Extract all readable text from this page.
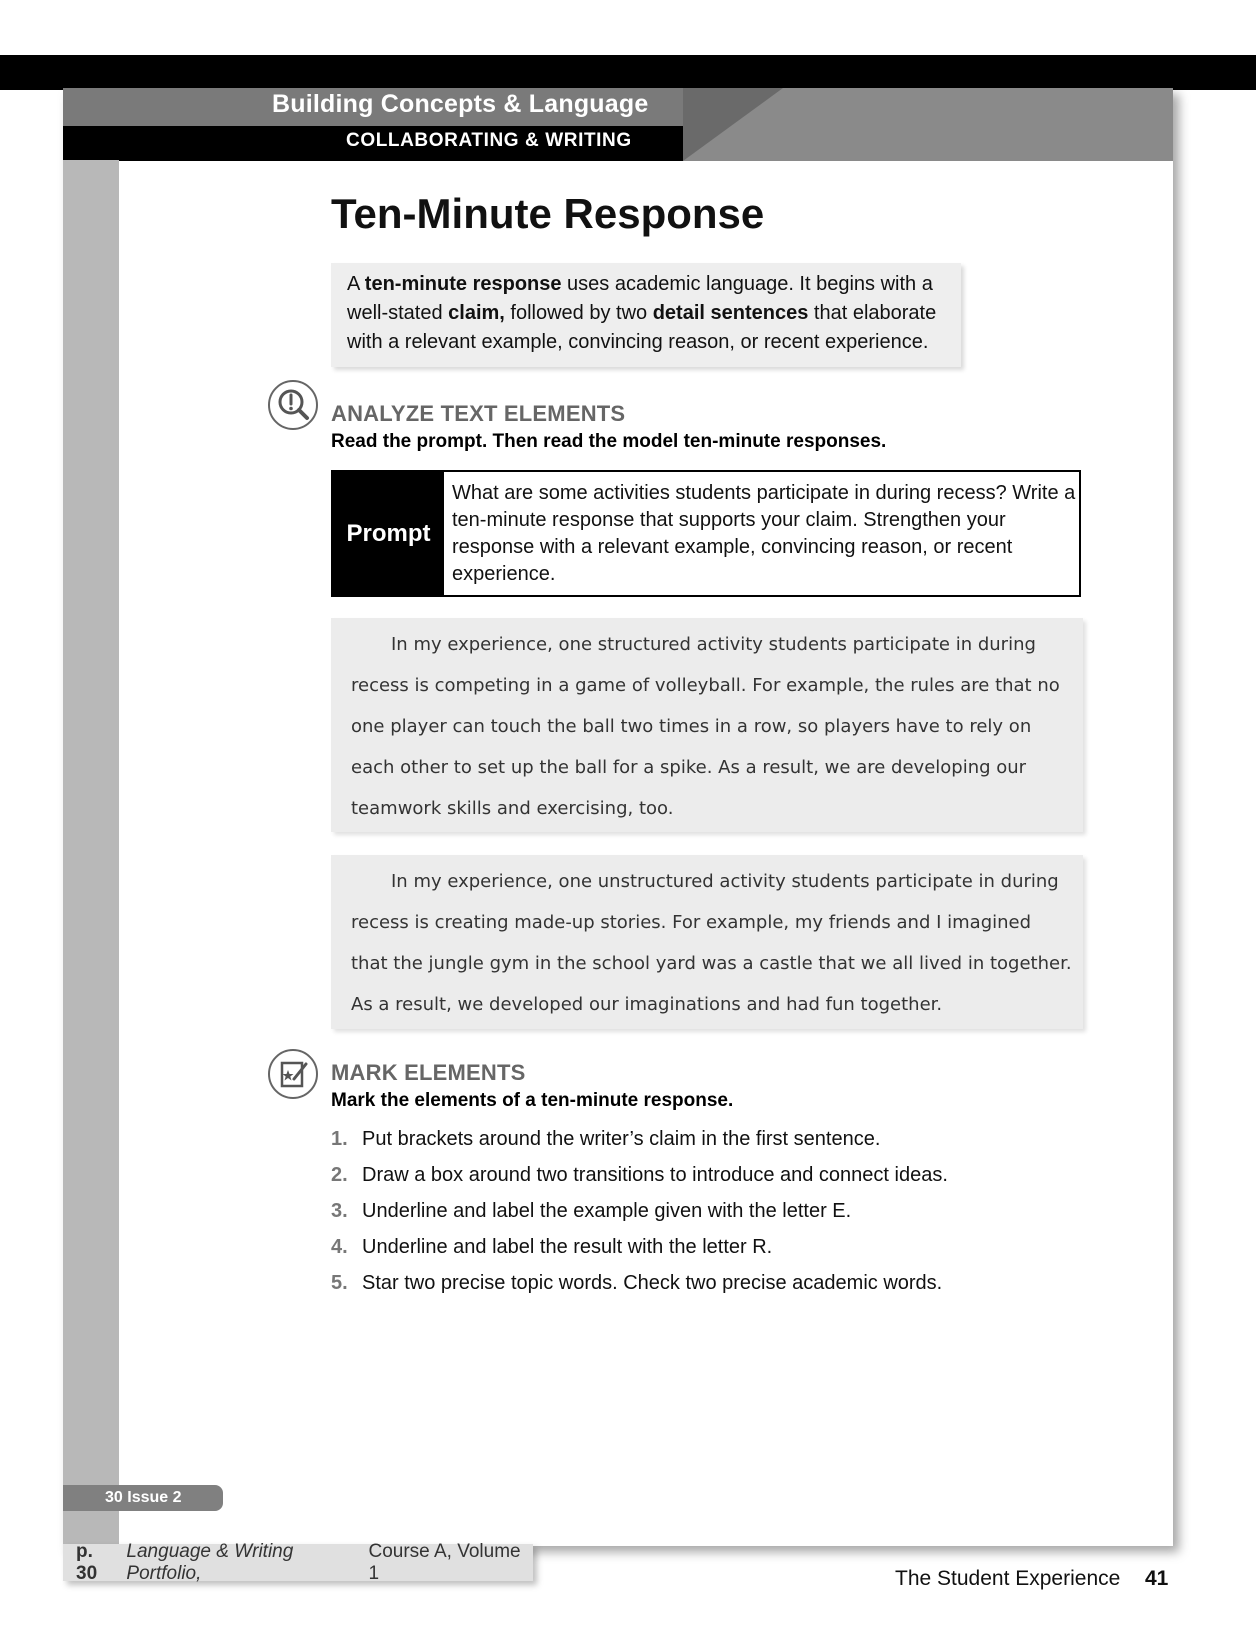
Building Concepts & Language
COLLABORATING & WRITING
Ten-Minute Response
A ten-minute response uses academic language. It begins with a well-stated claim, followed by two detail sentences that elaborate with a relevant example, convincing reason, or recent experience.
ANALYZE TEXT ELEMENTS
Read the prompt. Then read the model ten-minute responses.
Prompt
What are some activities students participate in during recess? Write a ten-minute response that supports your claim. Strengthen your response with a relevant example, convincing reason, or recent experience.

In my experience, one structured activity students participate in during recess is competing in a game of volleyball. For example, the rules are that no one player can touch the ball two times in a row, so players have to rely on each other to set up the ball for a spike. As a result, we are developing our teamwork skills and exercising, too.

In my experience, one unstructured activity students participate in during recess is creating made-up stories. For example, my friends and I imagined that the jungle gym in the school yard was a castle that we all lived in together. As a result, we developed our imaginations and had fun together.

MARK ELEMENTS
Mark the elements of a ten-minute response.
1. Put brackets around the writer’s claim in the first sentence.
2. Draw a box around two transitions to introduce and connect ideas.
3. Underline and label the example given with the letter E.
4. Underline and label the result with the letter R.
5. Star two precise topic words. Check two precise academic words.
30 Issue 2
p. 30
Language & Writing Portfolio,
Course A, Volume 1	The Student Experience 41
